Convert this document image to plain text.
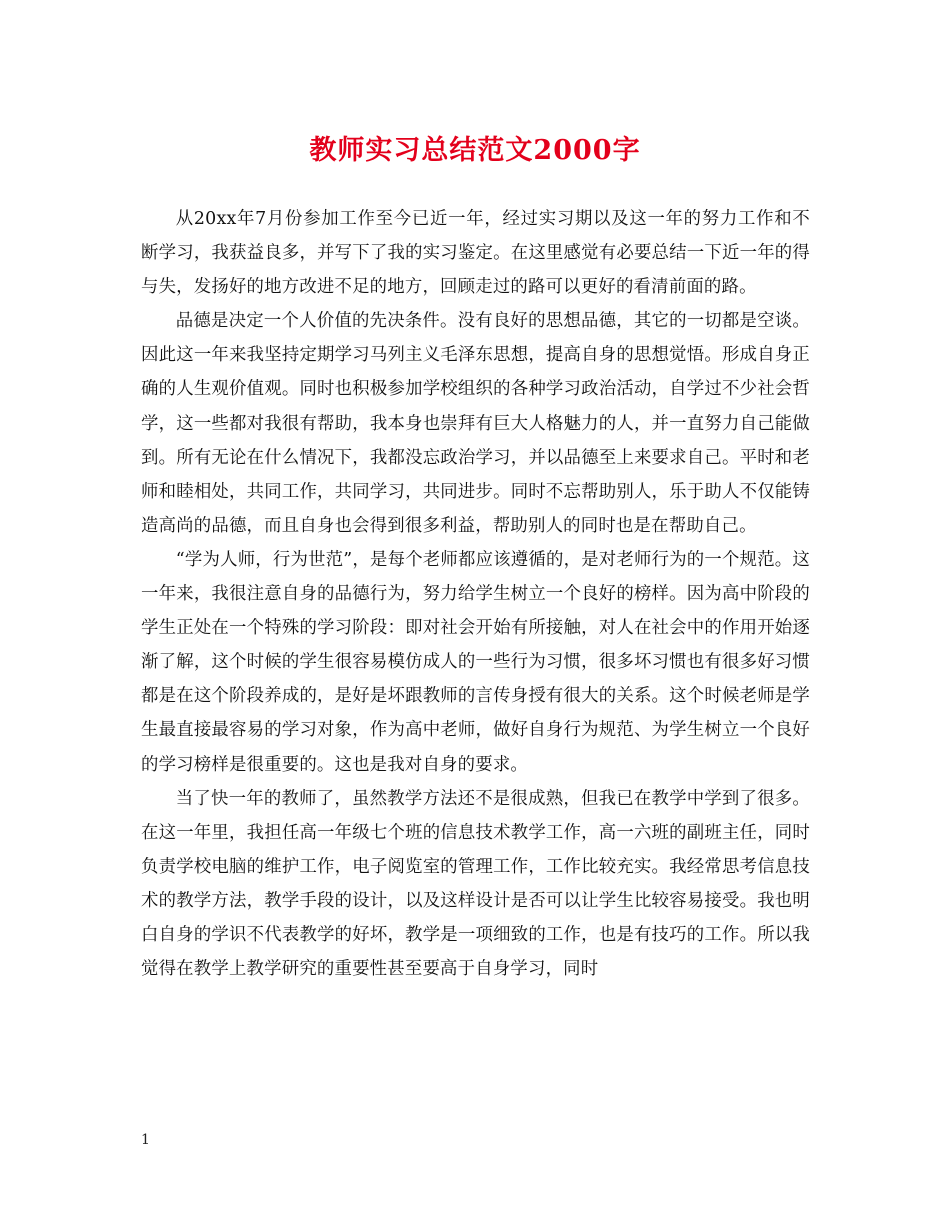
教师实习总结范文2000字

从20xx年7月份参加工作至今已近一年，经过实习期以及这一年的努力工作和不断学习，我获益良多，并写下了我的实习鉴定。在这里感觉有必要总结一下近一年的得与失，发扬好的地方改进不足的地方，回顾走过的路可以更好的看清前面的路。

品德是决定一个人价值的先决条件。没有良好的思想品德，其它的一切都是空谈。因此这一年来我坚持定期学习马列主义毛泽东思想，提高自身的思想觉悟。形成自身正确的人生观价值观。同时也积极参加学校组织的各种学习政治活动，自学过不少社会哲学，这一些都对我很有帮助，我本身也崇拜有巨大人格魅力的人，并一直努力自己能做到。所有无论在什么情况下，我都没忘政治学习，并以品德至上来要求自己。平时和老师和睦相处，共同工作，共同学习，共同进步。同时不忘帮助别人，乐于助人不仅能铸造高尚的品德，而且自身也会得到很多利益，帮助别人的同时也是在帮助自己。

“学为人师，行为世范”，是每个老师都应该遵循的，是对老师行为的一个规范。这一年来，我很注意自身的品德行为，努力给学生树立一个良好的榜样。因为高中阶段的学生正处在一个特殊的学习阶段：即对社会开始有所接触，对人在社会中的作用开始逐渐了解，这个时候的学生很容易模仿成人的一些行为习惯，很多坏习惯也有很多好习惯都是在这个阶段养成的，是好是坏跟教师的言传身授有很大的关系。这个时候老师是学生最直接最容易的学习对象，作为高中老师，做好自身行为规范、为学生树立一个良好的学习榜样是很重要的。这也是我对自身的要求。

当了快一年的教师了，虽然教学方法还不是很成熟，但我已在教学中学到了很多。在这一年里，我担任高一年级七个班的信息技术教学工作，高一六班的副班主任，同时负责学校电脑的维护工作，电子阅览室的管理工作，工作比较充实。我经常思考信息技术的教学方法，教学手段的设计，以及这样设计是否可以让学生比较容易接受。我也明白自身的学识不代表教学的好坏，教学是一项细致的工作，也是有技巧的工作。所以我觉得在教学上教学研究的重要性甚至要高于自身学习，同时

1
